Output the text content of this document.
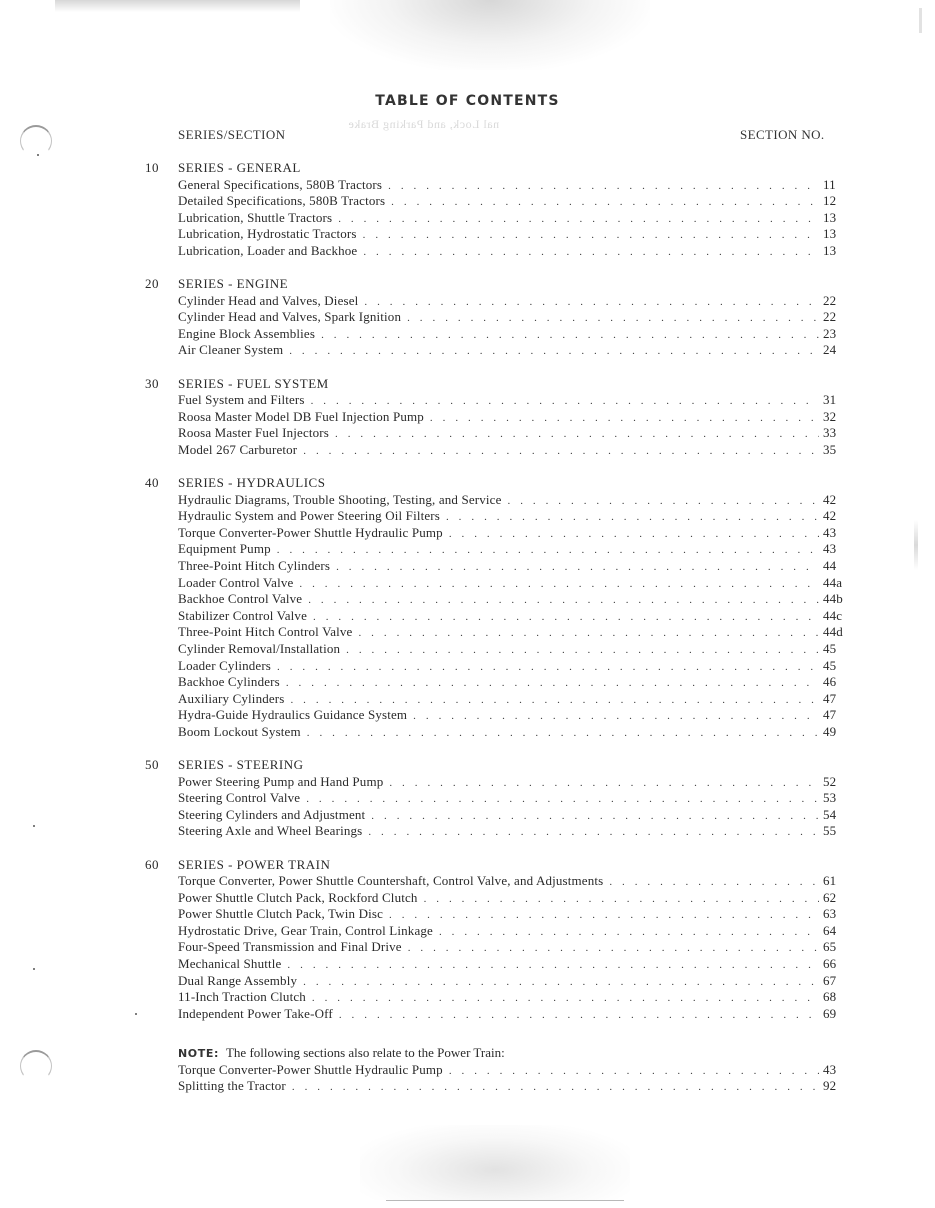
TABLE OF CONTENTS
nal Lock, and Parking Brake
SERIES/SECTION	SECTION NO.
10	SERIES - GENERAL
General Specifications, 580B Tractors . . .	11
Detailed Specifications, 580B Tractors . . .	12
Lubrication, Shuttle Tractors . . .	13
Lubrication, Hydrostatic Tractors . . .	13
Lubrication, Loader and Backhoe . . .	13
20	SERIES - ENGINE
Cylinder Head and Valves, Diesel . . .	22
Cylinder Head and Valves, Spark Ignition . . .	22
Engine Block Assemblies . . .	23
Air Cleaner System . . .	24
30	SERIES - FUEL SYSTEM
Fuel System and Filters . . .	31
Roosa Master Model DB Fuel Injection Pump . . .	32
Roosa Master Fuel Injectors . . .	33
Model 267 Carburetor . . .	35
40	SERIES - HYDRAULICS
Hydraulic Diagrams, Trouble Shooting, Testing, and Service . . .	42
Hydraulic System and Power Steering Oil Filters . . .	42
Torque Converter-Power Shuttle Hydraulic Pump . . .	43
Equipment Pump . . .	43
Three-Point Hitch Cylinders . . .	44
Loader Control Valve . . .	44a
Backhoe Control Valve . . .	44b
Stabilizer Control Valve . . .	44c
Three-Point Hitch Control Valve . . .	44d
Cylinder Removal/Installation . . .	45
Loader Cylinders . . .	45
Backhoe Cylinders . . .	46
Auxiliary Cylinders . . .	47
Hydra-Guide Hydraulics Guidance System . . .	47
Boom Lockout System . . .	49
50	SERIES - STEERING
Power Steering Pump and Hand Pump . . .	52
Steering Control Valve . . .	53
Steering Cylinders and Adjustment . . .	54
Steering Axle and Wheel Bearings . . .	55
60	SERIES - POWER TRAIN
Torque Converter, Power Shuttle Countershaft, Control Valve, and Adjustments . . .	61
Power Shuttle Clutch Pack, Rockford Clutch . . .	62
Power Shuttle Clutch Pack, Twin Disc . . .	63
Hydrostatic Drive, Gear Train, Control Linkage . . .	64
Four-Speed Transmission and Final Drive . . .	65
Mechanical Shuttle . . .	66
Dual Range Assembly . . .	67
11-Inch Traction Clutch . . .	68
Independent Power Take-Off . . .	69
NOTE: The following sections also relate to the Power Train:
Torque Converter-Power Shuttle Hydraulic Pump . . .	43
Splitting the Tractor . . .	92
